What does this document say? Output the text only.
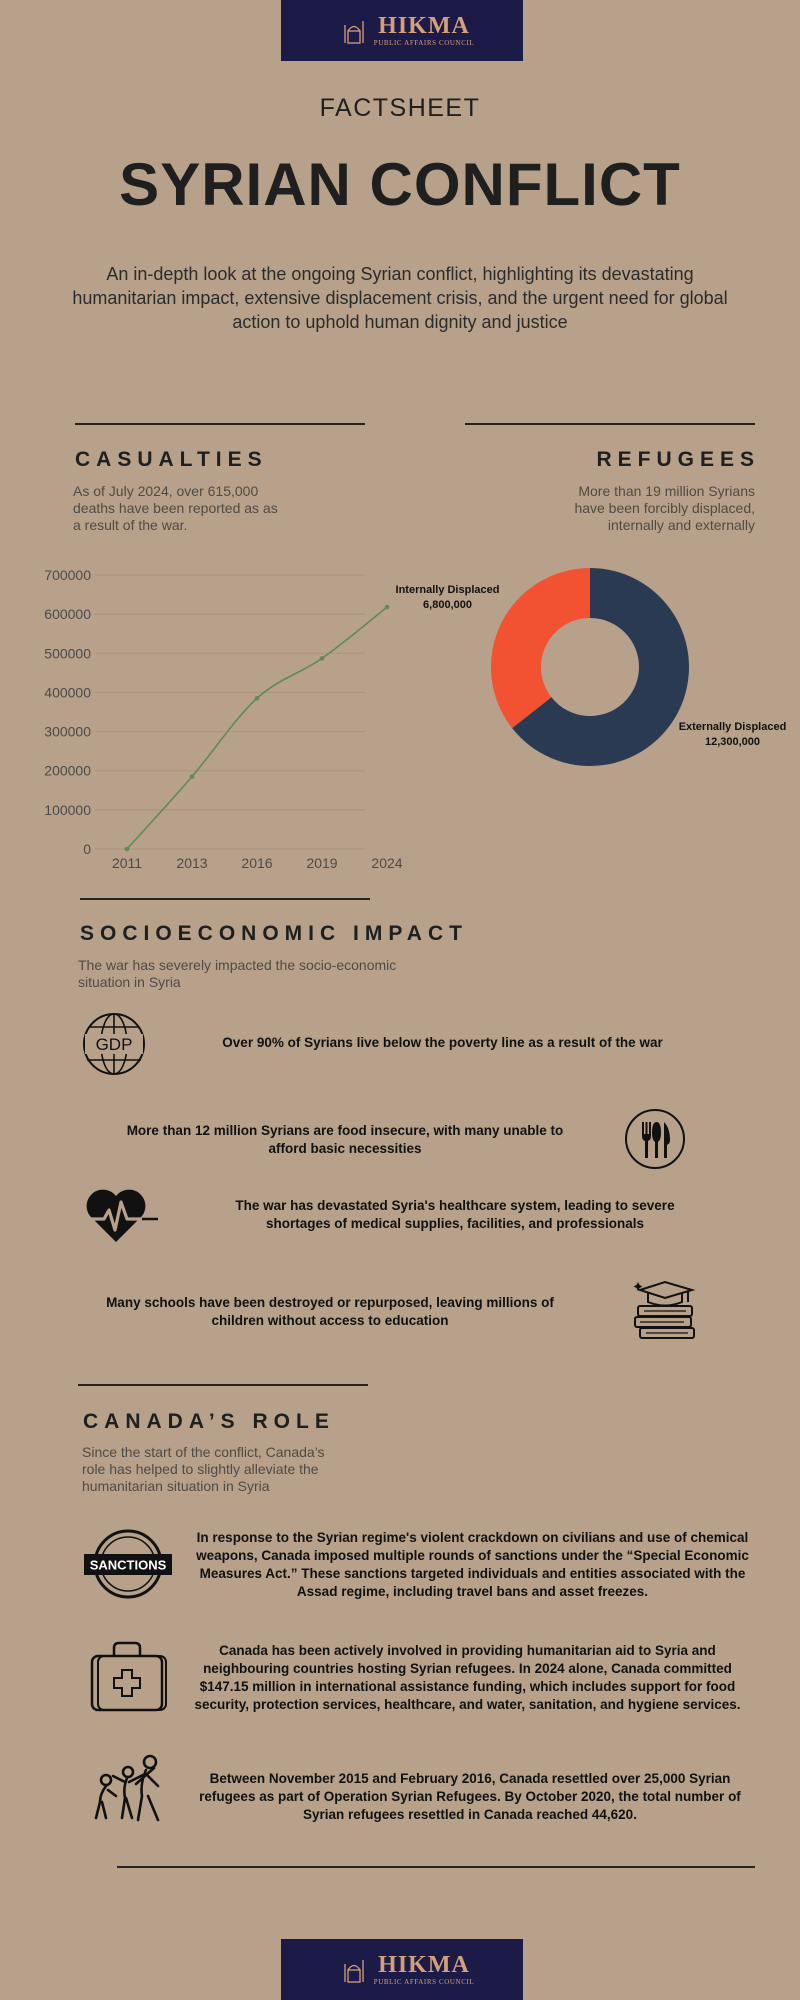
HIKMA
PUBLIC AFFAIRS COUNCIL
FACTSHEET
SYRIAN CONFLICT
An in-depth look at the ongoing Syrian conflict, highlighting its devastating humanitarian impact, extensive displacement crisis, and the urgent need for global action to uphold human dignity and justice
CASUALTIES
As of July 2024, over 615,000 deaths have been reported as as a result of the war.
REFUGEES
More than 19 million Syrians have been forcibly displaced, internally and externally
0
100000
200000
300000
400000
500000
600000
700000
2011 2013 2016 2019 2024
Internally Displaced
6,800,000
Externally Displaced
12,300,000
SOCIOECONOMIC IMPACT
The war has severely impacted the socio-economic situation in Syria
GDP	Over 90% of Syrians live below the poverty line as a result of the war
More than 12 million Syrians are food insecure, with many unable to afford basic necessities
The war has devastated Syria's healthcare system, leading to severe shortages of medical supplies, facilities, and professionals
Many schools have been destroyed or repurposed, leaving millions of children without access to education
CANADA’S ROLE
Since the start of the conflict, Canada’s role has helped to slightly alleviate the humanitarian situation in Syria
SANCTIONS
In response to the Syrian regime's violent crackdown on civilians and use of chemical weapons, Canada imposed multiple rounds of sanctions under the “Special Economic Measures Act.” These sanctions targeted individuals and entities associated with the Assad regime, including travel bans and asset freezes.
Canada has been actively involved in providing humanitarian aid to Syria and neighbouring countries hosting Syrian refugees. In 2024 alone, Canada committed $147.15 million in international assistance funding, which includes support for food security, protection services, healthcare, and water, sanitation, and hygiene services.
Between November 2015 and February 2016, Canada resettled over 25,000 Syrian refugees as part of Operation Syrian Refugees. By October 2020, the total number of Syrian refugees resettled in Canada reached 44,620.
HIKMA
PUBLIC AFFAIRS COUNCIL
